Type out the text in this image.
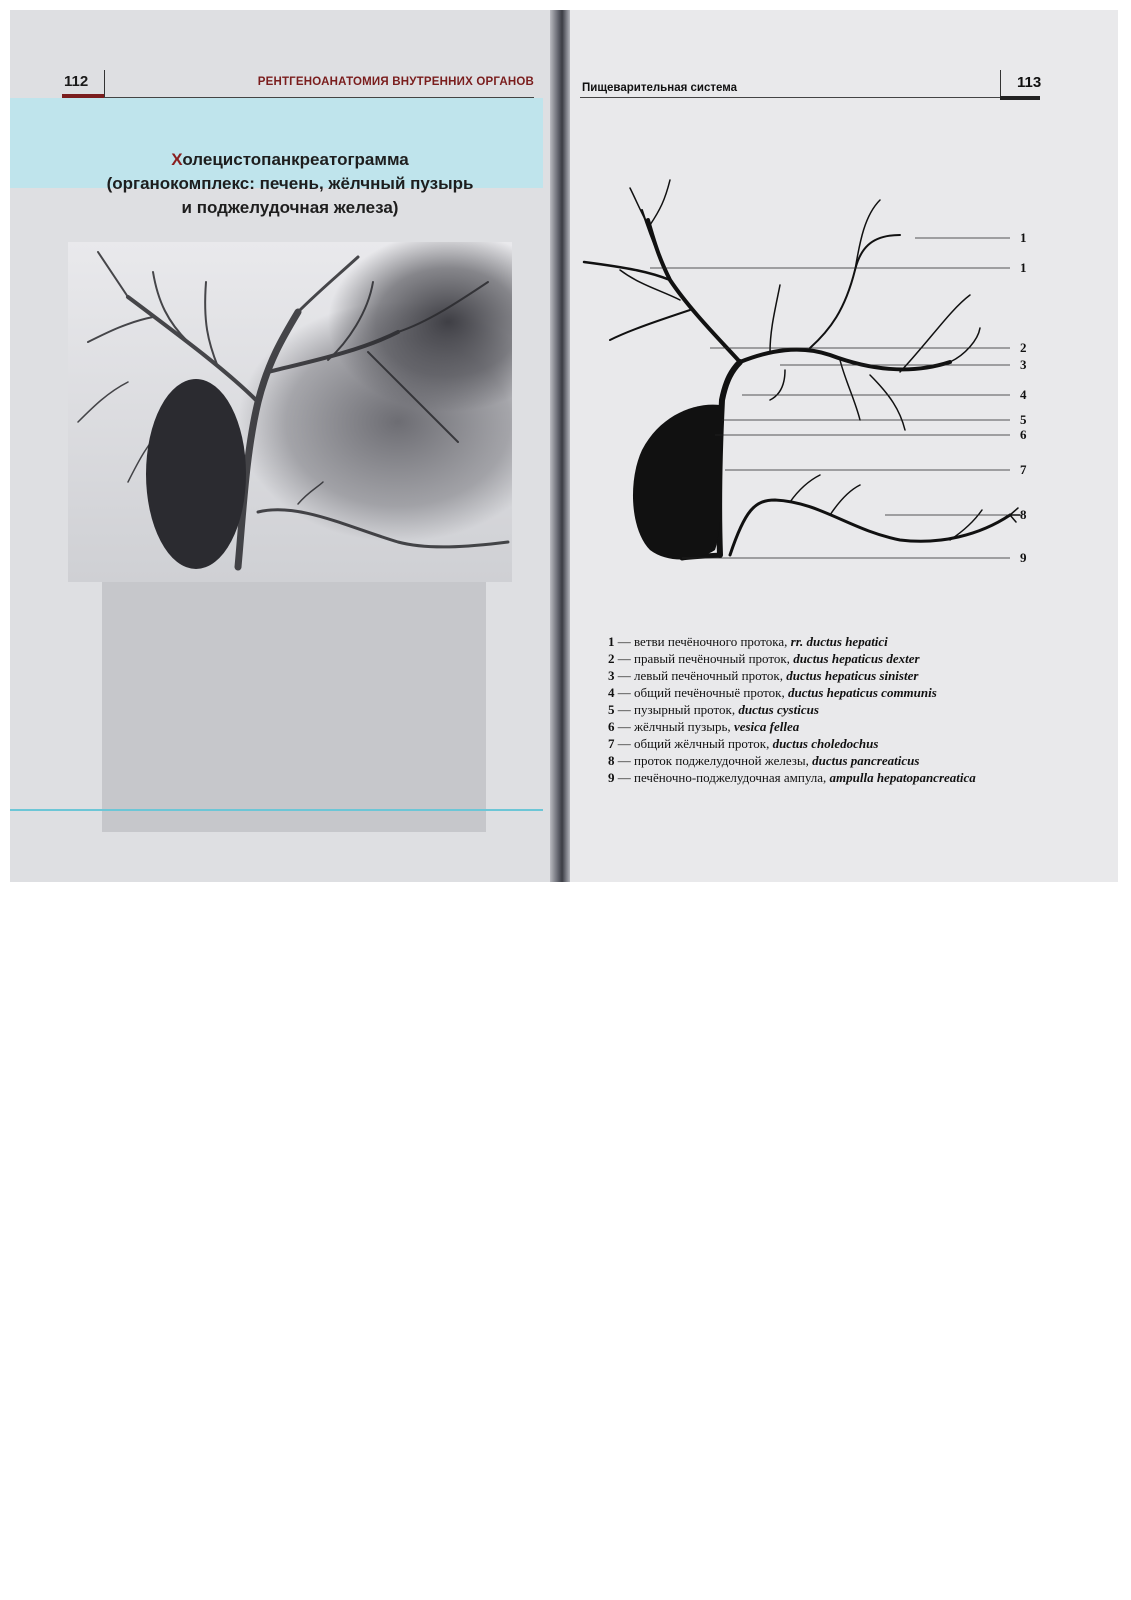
112	РЕНТГЕНОАНАТОМИЯ ВНУТРЕННИХ ОРГАНОВ
Холецистопанкреатограмма
(органокомплекс: печень, жёлчный пузырь
и поджелудочная железа)
Пищеварительная система	113
1
1
2
3
4
5
6
7
8
9
1 — ветви печёночного протока, rr. ductus hepatici
2 — правый печёночный проток, ductus hepaticus dexter
3 — левый печёночный проток, ductus hepaticus sinister
4 — общий печёночныё проток, ductus hepaticus communis
5 — пузырный проток, ductus cysticus
6 — жёлчный пузырь, vesica fellea
7 — общий жёлчный проток, ductus choledochus
8 — проток поджелудочной железы, ductus pancreaticus
9 — печёночно-поджелудочная ампула, ampulla hepatopancreatica
